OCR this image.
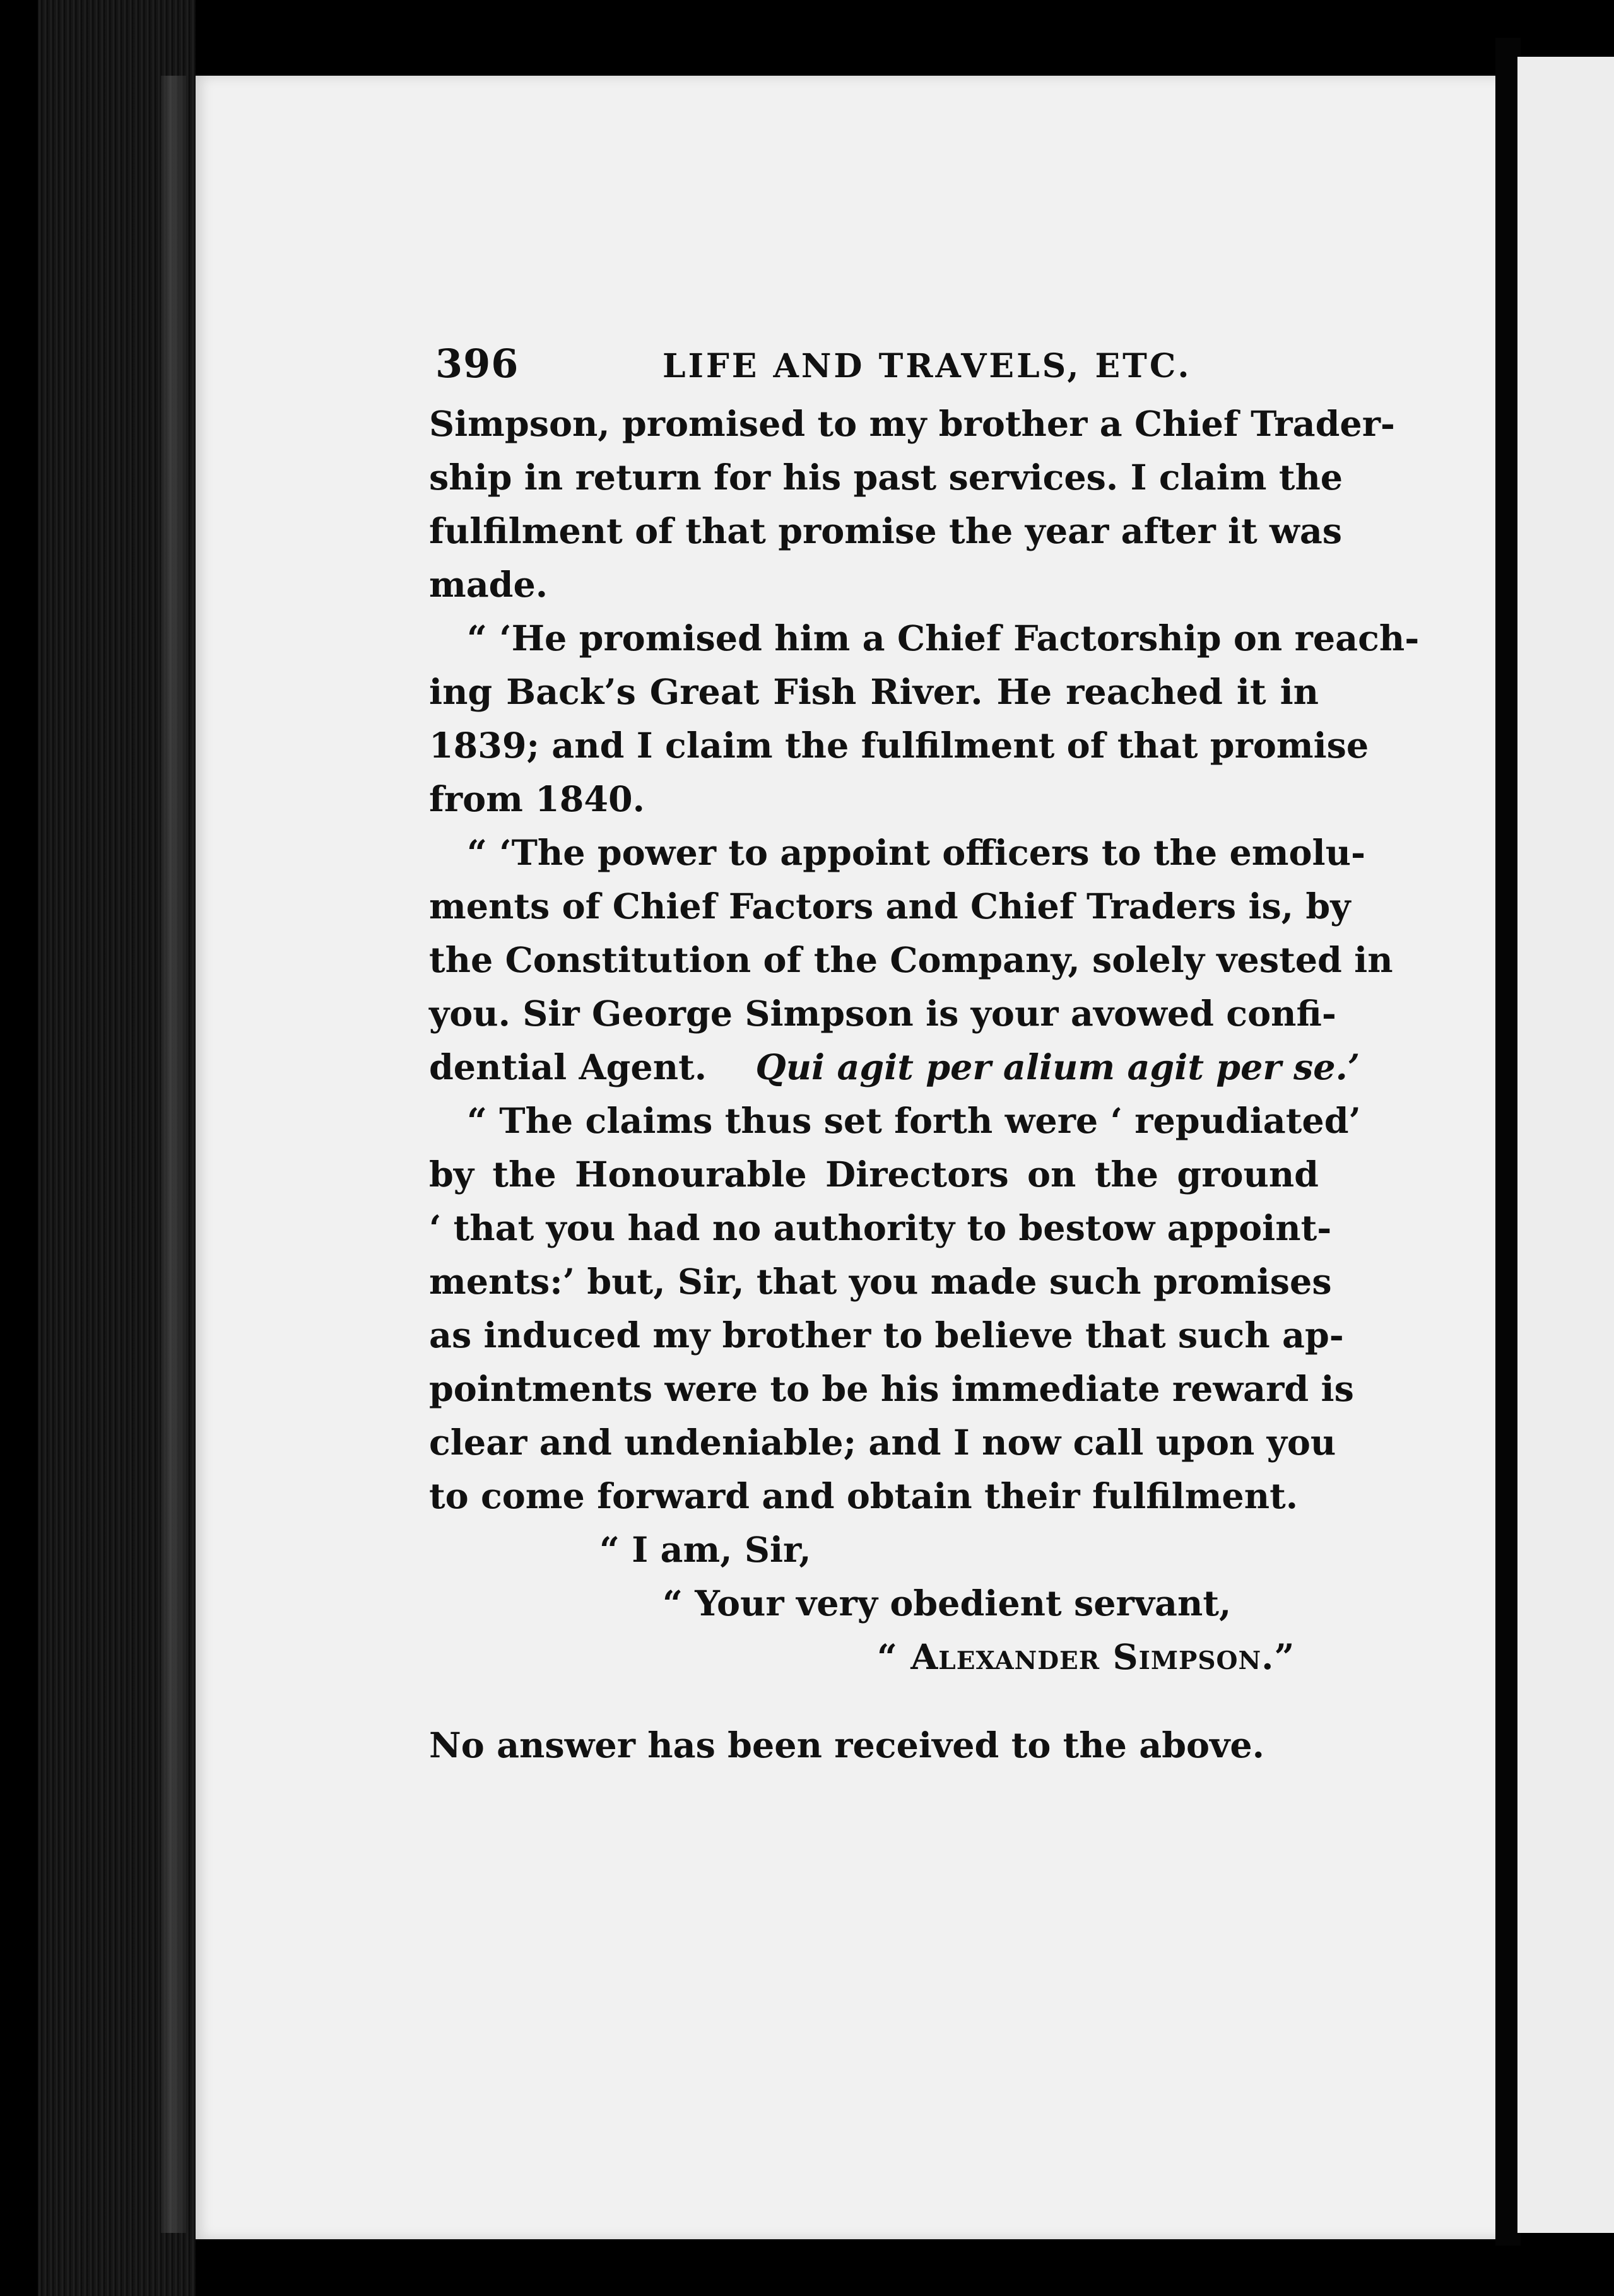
396	LIFE AND TRAVELS, ETC.
Simpson, promised to my brother a Chief Trader-
ship in return for his past services. I claim the
fulfilment of that promise the year after it was
made.
“ ‘He promised him a Chief Factorship on reach-
ing Back’s Great Fish River. He reached it in
1839; and I claim the fulfilment of that promise
from 1840.
“ ‘The power to appoint officers to the emolu-
ments of Chief Factors and Chief Traders is, by
the Constitution of the Company, solely vested in
you. Sir George Simpson is your avowed confi-
dential Agent. Qui agit per alium agit per se.’
“ The claims thus set forth were ‘ repudiated’
by the Honourable Directors on the ground
‘ that you had no authority to bestow appoint-
ments:’ but, Sir, that you made such promises
as induced my brother to believe that such ap-
pointments were to be his immediate reward is
clear and undeniable; and I now call upon you
to come forward and obtain their fulfilment.
“ I am, Sir,
“ Your very obedient servant,
“ Alexander Simpson.”
No answer has been received to the above.
